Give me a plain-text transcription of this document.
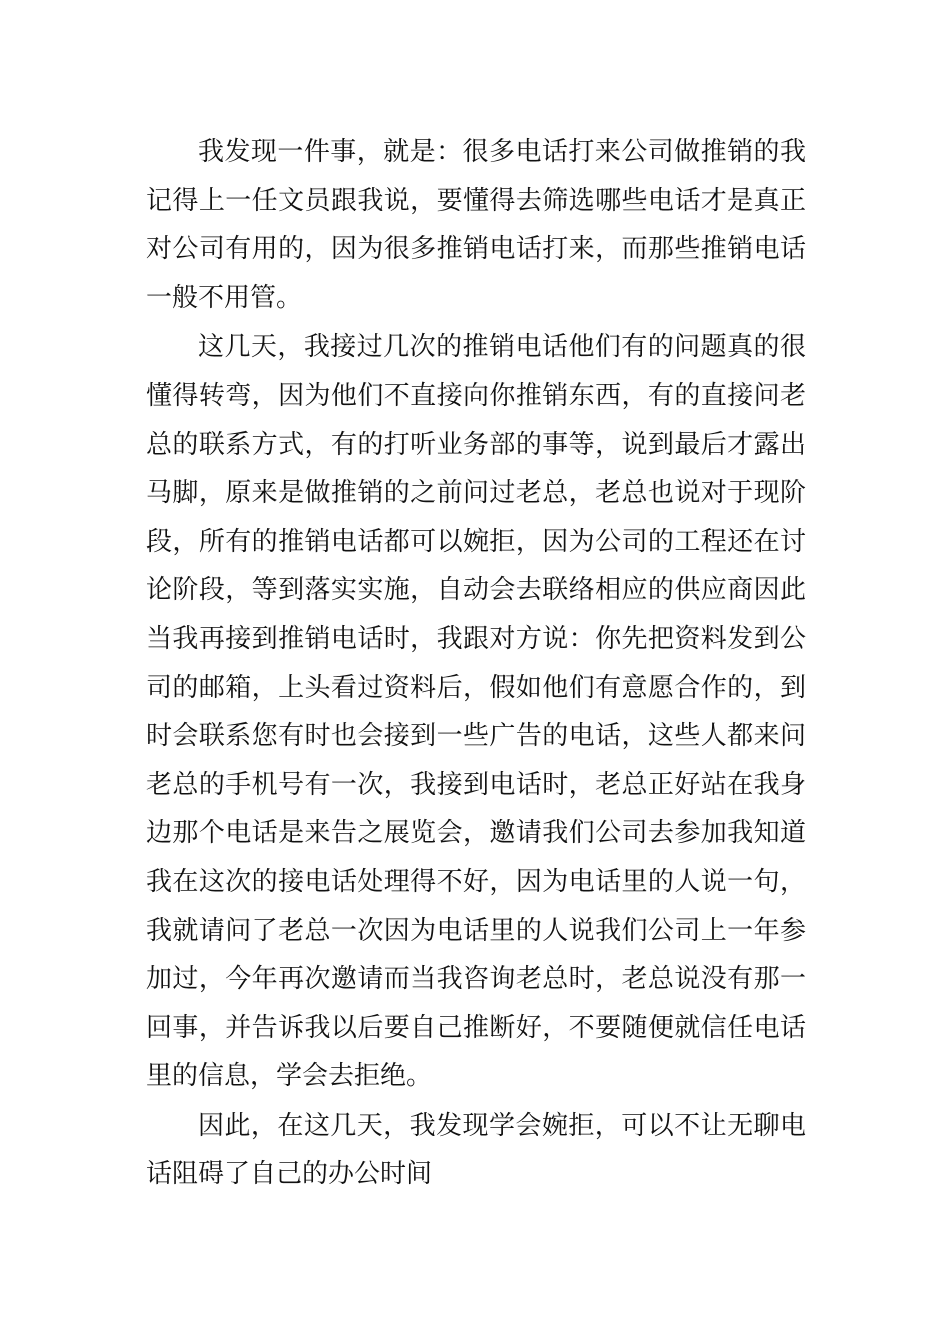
我发现一件事，就是：很多电话打来公司做推销的我记得上一任文员跟我说，要懂得去筛选哪些电话才是真正对公司有用的，因为很多推销电话打来，而那些推销电话一般不用管。

这几天，我接过几次的推销电话他们有的问题真的很懂得转弯，因为他们不直接向你推销东西，有的直接问老总的联系方式，有的打听业务部的事等，说到最后才露出马脚，原来是做推销的之前问过老总，老总也说对于现阶段，所有的推销电话都可以婉拒，因为公司的工程还在讨论阶段，等到落实实施，自动会去联络相应的供应商因此当我再接到推销电话时，我跟对方说：你先把资料发到公司的邮箱，上头看过资料后，假如他们有意愿合作的，到时会联系您有时也会接到一些广告的电话，这些人都来问老总的手机号有一次，我接到电话时，老总正好站在我身边那个电话是来告之展览会，邀请我们公司去参加我知道我在这次的接电话处理得不好，因为电话里的人说一句，我就请问了老总一次因为电话里的人说我们公司上一年参加过，今年再次邀请而当我咨询老总时，老总说没有那一回事，并告诉我以后要自己推断好，不要随便就信任电话里的信息，学会去拒绝。

因此，在这几天，我发现学会婉拒，可以不让无聊电话阻碍了自己的办公时间
